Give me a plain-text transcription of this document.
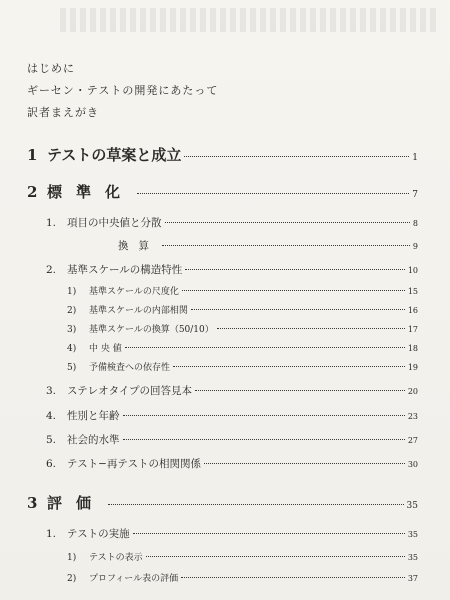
はじめに
ギーセン・テストの開発にあたって
訳者まえがき
1 テストの草案と成立	1
2 標準化	7
1.	項目の中央値と分散	8
換算	9
2.	基準スケールの構造特性	10
1)	基準スケールの尺度化	15
2)	基準スケールの内部相関	16
3)	基準スケールの換算（50/10）	17
4)	中 央 値	18
5)	予備検査への依存性	19
3.	ステレオタイプの回答見本	20
4.	性別と年齢	23
5.	社会的水準	27
6.	テスト−再テストの相関関係	30
3 評価	35
1.	テストの実施	35
1)	テストの表示	35
2)	プロフィール表の評価	37
